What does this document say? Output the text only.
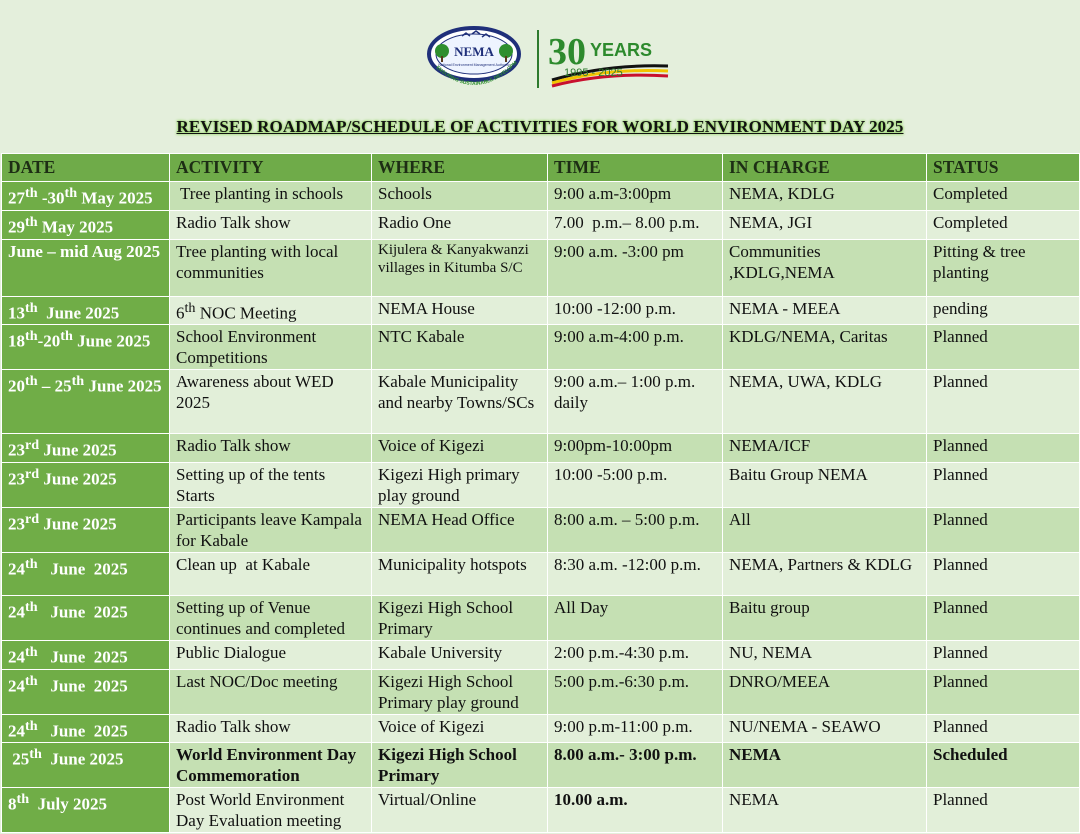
NEMA
National Environment Management Authority
ENSURING SUSTAINABLE DEVELOPM 30 YEARS
1995 - 2025
REVISED ROADMAP/SCHEDULE OF ACTIVITIES FOR WORLD ENVIRONMENT DAY 2025
DATE	ACTIVITY	WHERE	TIME	IN CHARGE	STATUS
27th -30th May 2025	Tree planting in schools	Schools	9:00 a.m-3:00pm	NEMA, KDLG	Completed
29th May 2025	Radio Talk show	Radio One	7.00  p.m.– 8.00 p.m.	NEMA, JGI	Completed
June – mid Aug 2025	Tree planting with local communities	Kijulera & Kanyakwanzi villages in Kitumba S/C	9:00 a.m. -3:00 pm	Communities ,KDLG,NEMA	Pitting & tree planting
13th  June 2025	6th NOC Meeting	NEMA House	10:00 -12:00 p.m.	NEMA - MEEA	pending
18th-20th June 2025	School Environment Competitions	NTC Kabale	9:00 a.m-4:00 p.m.	KDLG/NEMA, Caritas	Planned
20th – 25th June 2025	Awareness about WED 2025	Kabale Municipality and nearby Towns/SCs	9:00 a.m.– 1:00 p.m. daily	NEMA, UWA, KDLG	Planned
23rd June 2025	Radio Talk show	Voice of Kigezi	9:00pm-10:00pm	NEMA/ICF	Planned
23rd June 2025	Setting up of the tents Starts	Kigezi High primary play ground	10:00 -5:00 p.m.	Baitu Group NEMA	Planned
23rd June 2025	Participants leave Kampala for Kabale	NEMA Head Office	8:00 a.m. – 5:00 p.m.	All	Planned
24th   June  2025	Clean up  at Kabale	Municipality hotspots	8:30 a.m. -12:00 p.m.	NEMA, Partners & KDLG	Planned
24th   June  2025	Setting up of Venue continues and completed	Kigezi High School Primary	All Day	Baitu group	Planned
24th   June  2025	Public Dialogue	Kabale University	2:00 p.m.-4:30 p.m.	NU, NEMA	Planned
24th   June  2025	Last NOC/Doc meeting	Kigezi High School Primary play ground	5:00 p.m.-6:30 p.m.	DNRO/MEEA	Planned
24th   June  2025	Radio Talk show	Voice of Kigezi	9:00 p.m-11:00 p.m.	NU/NEMA - SEAWO	Planned
25th  June 2025	World Environment Day  Commemoration	Kigezi High School Primary	8.00 a.m.- 3:00 p.m.	NEMA	Scheduled
8th  July 2025	Post World Environment Day Evaluation meeting	Virtual/Online	10.00 a.m.	NEMA	Planned
